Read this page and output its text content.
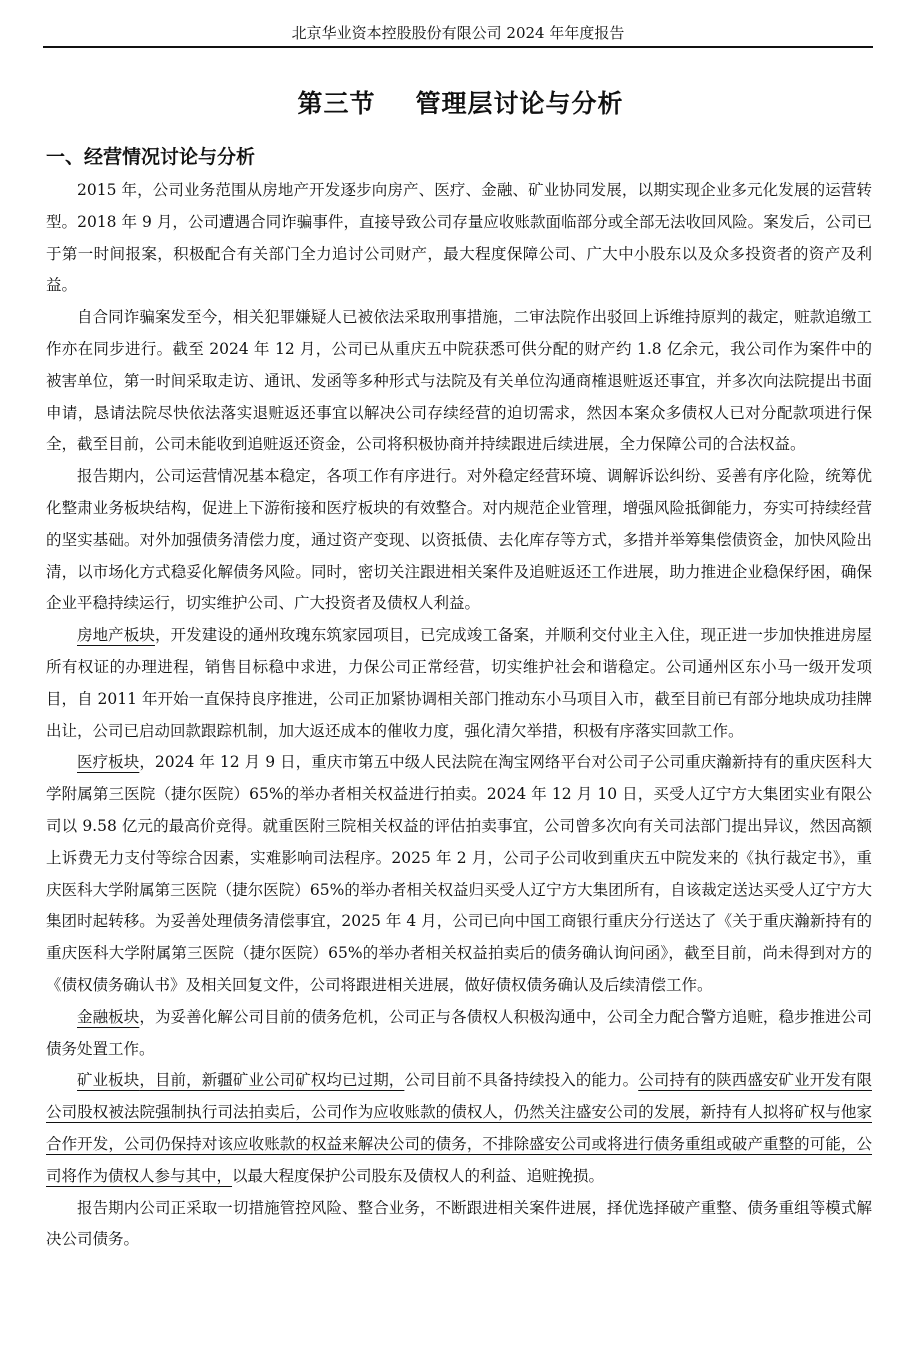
北京华业资本控股股份有限公司 2024 年年度报告
第三节 管理层讨论与分析
一、经营情况讨论与分析

2015 年，公司业务范围从房地产开发逐步向房产、医疗、金融、矿业协同发展，以期实现企业多元化发展的运营转型。2018 年 9 月，公司遭遇合同诈骗事件，直接导致公司存量应收账款面临部分或全部无法收回风险。案发后，公司已于第一时间报案，积极配合有关部门全力追讨公司财产，最大程度保障公司、广大中小股东以及众多投资者的资产及利益。

自合同诈骗案发至今，相关犯罪嫌疑人已被依法采取刑事措施，二审法院作出驳回上诉维持原判的裁定，赃款追缴工作亦在同步进行。截至 2024 年 12 月，公司已从重庆五中院获悉可供分配的财产约 1.8 亿余元，我公司作为案件中的被害单位，第一时间采取走访、通讯、发函等多种形式与法院及有关单位沟通商榷退赃返还事宜，并多次向法院提出书面申请，恳请法院尽快依法落实退赃返还事宜以解决公司存续经营的迫切需求，然因本案众多债权人已对分配款项进行保全，截至目前，公司未能收到追赃返还资金，公司将积极协商并持续跟进后续进展，全力保障公司的合法权益。

报告期内，公司运营情况基本稳定，各项工作有序进行。对外稳定经营环境、调解诉讼纠纷、妥善有序化险，统筹优化整肃业务板块结构，促进上下游衔接和医疗板块的有效整合。对内规范企业管理，增强风险抵御能力，夯实可持续经营的坚实基础。对外加强债务清偿力度，通过资产变现、以资抵债、去化库存等方式，多措并举筹集偿债资金，加快风险出清，以市场化方式稳妥化解债务风险。同时，密切关注跟进相关案件及追赃返还工作进展，助力推进企业稳保纾困，确保企业平稳持续运行，切实维护公司、广大投资者及债权人利益。

房地产板块，开发建设的通州玫瑰东筑家园项目，已完成竣工备案，并顺利交付业主入住，现正进一步加快推进房屋所有权证的办理进程，销售目标稳中求进，力保公司正常经营，切实维护社会和谐稳定。公司通州区东小马一级开发项目，自 2011 年开始一直保持良序推进，公司正加紧协调相关部门推动东小马项目入市，截至目前已有部分地块成功挂牌出让，公司已启动回款跟踪机制，加大返还成本的催收力度，强化清欠举措，积极有序落实回款工作。

医疗板块，2024 年 12 月 9 日，重庆市第五中级人民法院在淘宝网络平台对公司子公司重庆瀚新持有的重庆医科大学附属第三医院（捷尔医院）65%的举办者相关权益进行拍卖。2024 年 12 月 10 日，买受人辽宁方大集团实业有限公司以 9.58 亿元的最高价竞得。就重医附三院相关权益的评估拍卖事宜，公司曾多次向有关司法部门提出异议，然因高额上诉费无力支付等综合因素，实难影响司法程序。2025 年 2 月，公司子公司收到重庆五中院发来的《执行裁定书》，重庆医科大学附属第三医院（捷尔医院）65%的举办者相关权益归买受人辽宁方大集团所有，自该裁定送达买受人辽宁方大集团时起转移。为妥善处理债务清偿事宜，2025 年 4 月，公司已向中国工商银行重庆分行送达了《关于重庆瀚新持有的重庆医科大学附属第三医院（捷尔医院）65%的举办者相关权益拍卖后的债务确认询问函》，截至目前，尚未得到对方的《债权债务确认书》及相关回复文件，公司将跟进相关进展，做好债权债务确认及后续清偿工作。

金融板块，为妥善化解公司目前的债务危机，公司正与各债权人积极沟通中，公司全力配合警方追赃，稳步推进公司债务处置工作。

矿业板块，目前，新疆矿业公司矿权均已过期，公司目前不具备持续投入的能力。公司持有的陕西盛安矿业开发有限公司股权被法院强制执行司法拍卖后，公司作为应收账款的债权人，仍然关注盛安公司的发展，新持有人拟将矿权与他家合作开发，公司仍保持对该应收账款的权益来解决公司的债务，不排除盛安公司或将进行债务重组或破产重整的可能，公司将作为债权人参与其中，以最大程度保护公司股东及债权人的利益、追赃挽损。

报告期内公司正采取一切措施管控风险、整合业务，不断跟进相关案件进展，择优选择破产重整、债务重组等模式解决公司债务。
